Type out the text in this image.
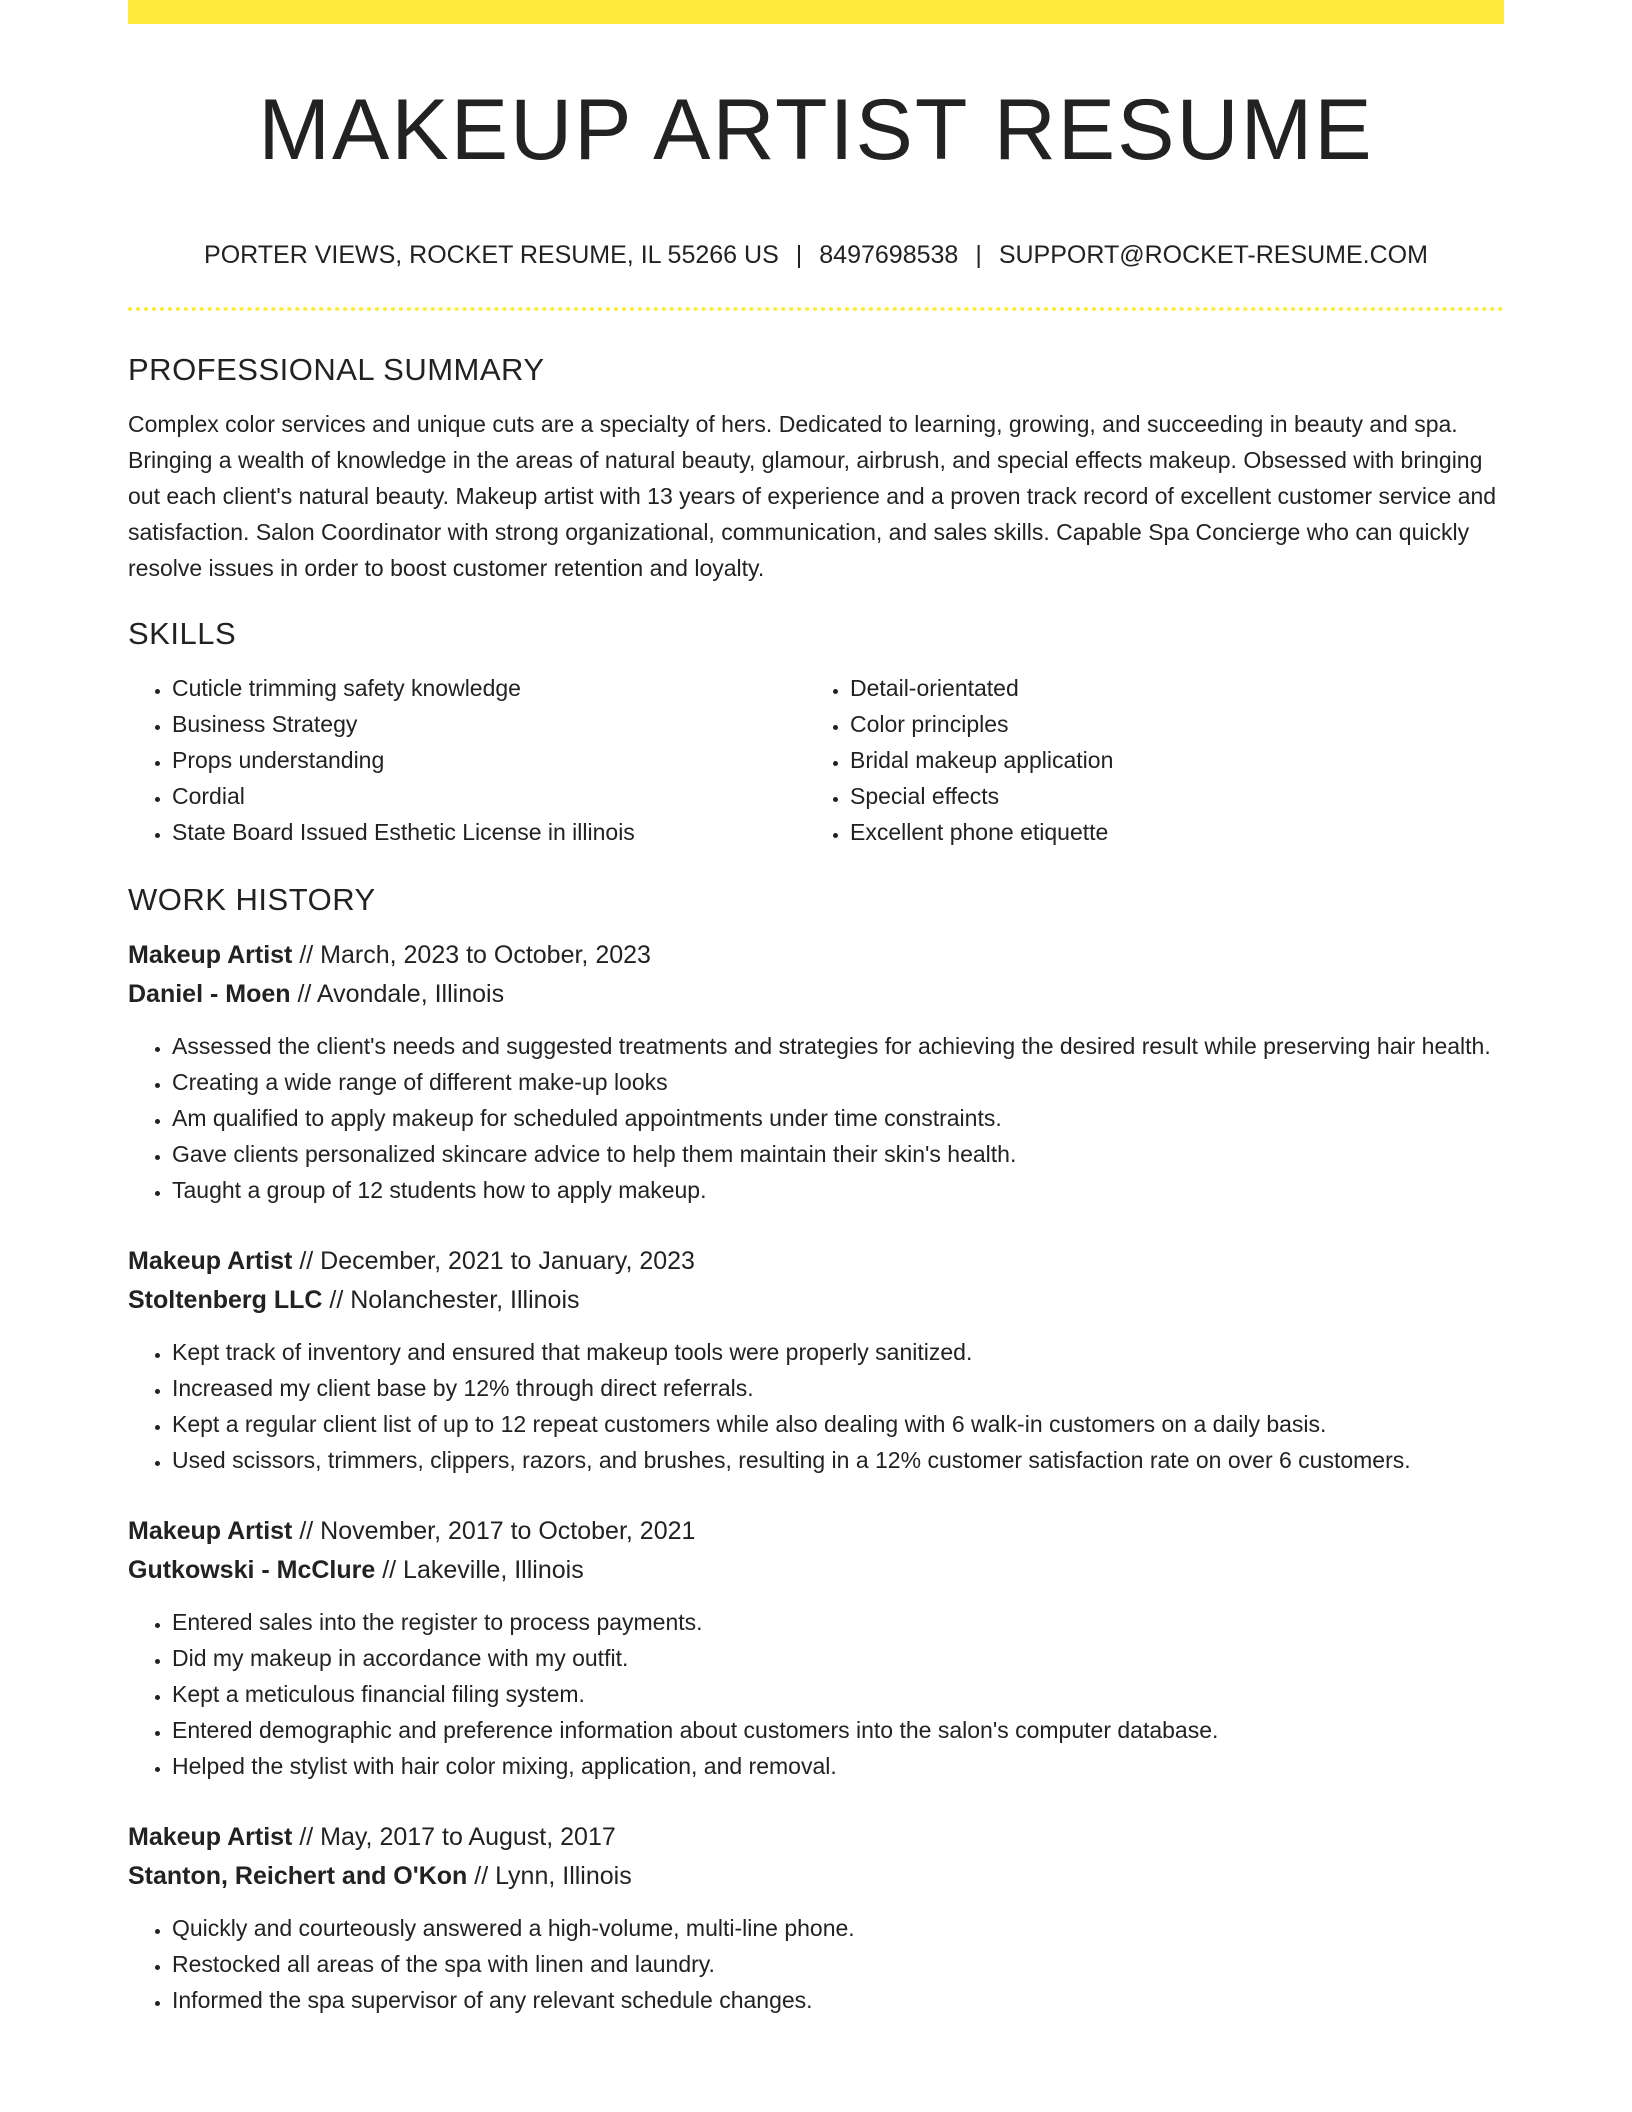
MAKEUP ARTIST RESUME
PORTER VIEWS, ROCKET RESUME, IL 55266 US | 8497698538 | SUPPORT@ROCKET-RESUME.COM
PROFESSIONAL SUMMARY

Complex color services and unique cuts are a specialty of hers. Dedicated to learning, growing, and succeeding in beauty and spa. Bringing a wealth of knowledge in the areas of natural beauty, glamour, airbrush, and special effects makeup. Obsessed with bringing out each client's natural beauty. Makeup artist with 13 years of experience and a proven track record of excellent customer service and satisfaction. Salon Coordinator with strong organizational, communication, and sales skills. Capable Spa Concierge who can quickly resolve issues in order to boost customer retention and loyalty.

SKILLS
• Cuticle trimming safety knowledge
• Business Strategy
• Props understanding
• Cordial
• State Board Issued Esthetic License in illinois
• Detail-orientated
• Color principles
• Bridal makeup application
• Special effects
• Excellent phone etiquette
WORK HISTORY
Makeup Artist // March, 2023 to October, 2023
Daniel - Moen // Avondale, Illinois
• Assessed the client's needs and suggested treatments and strategies for achieving the desired result while preserving hair health.
• Creating a wide range of different make-up looks
• Am qualified to apply makeup for scheduled appointments under time constraints.
• Gave clients personalized skincare advice to help them maintain their skin's health.
• Taught a group of 12 students how to apply makeup.
Makeup Artist // December, 2021 to January, 2023
Stoltenberg LLC // Nolanchester, Illinois
• Kept track of inventory and ensured that makeup tools were properly sanitized.
• Increased my client base by 12% through direct referrals.
• Kept a regular client list of up to 12 repeat customers while also dealing with 6 walk-in customers on a daily basis.
• Used scissors, trimmers, clippers, razors, and brushes, resulting in a 12% customer satisfaction rate on over 6 customers.
Makeup Artist // November, 2017 to October, 2021
Gutkowski - McClure // Lakeville, Illinois
• Entered sales into the register to process payments.
• Did my makeup in accordance with my outfit.
• Kept a meticulous financial filing system.
• Entered demographic and preference information about customers into the salon's computer database.
• Helped the stylist with hair color mixing, application, and removal.
Makeup Artist // May, 2017 to August, 2017
Stanton, Reichert and O'Kon // Lynn, Illinois
• Quickly and courteously answered a high-volume, multi-line phone.
• Restocked all areas of the spa with linen and laundry.
• Informed the spa supervisor of any relevant schedule changes.
